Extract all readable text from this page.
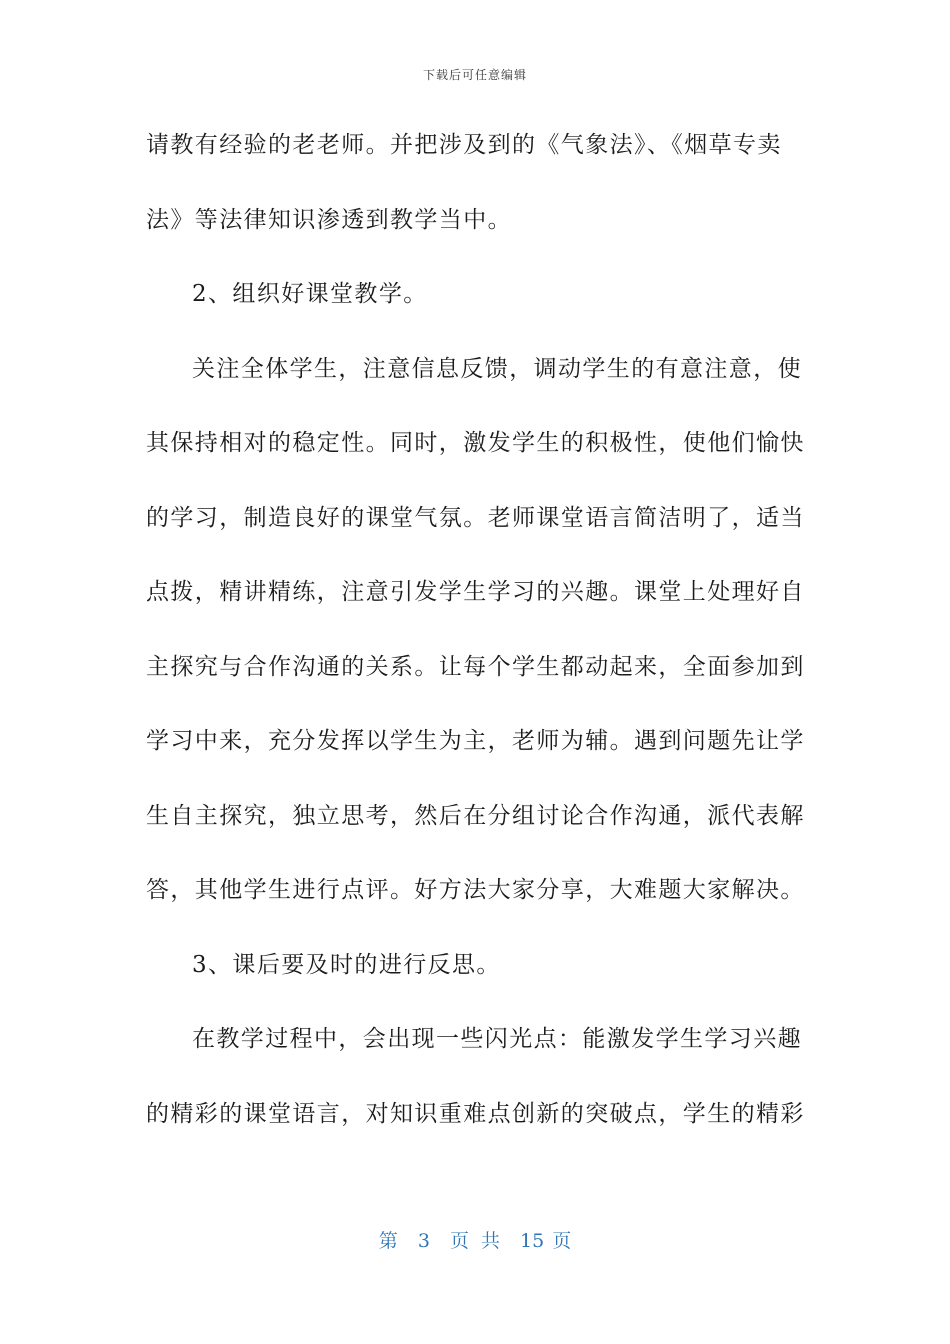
下载后可任意编辑
请教有经验的老老师。并把涉及到的《气象法》、《烟草专卖
法》等法律知识渗透到教学当中。
2、组织好课堂教学。
关注全体学生，注意信息反馈，调动学生的有意注意，使
其保持相对的稳定性。同时，激发学生的积极性，使他们愉快
的学习，制造良好的课堂气氛。老师课堂语言简洁明了，适当
点拨，精讲精练，注意引发学生学习的兴趣。课堂上处理好自
主探究与合作沟通的关系。让每个学生都动起来，全面参加到
学习中来，充分发挥以学生为主，老师为辅。遇到问题先让学
生自主探究，独立思考，然后在分组讨论合作沟通，派代表解
答，其他学生进行点评。好方法大家分享，大难题大家解决。
3、课后要及时的进行反思。
在教学过程中，会出现一些闪光点：能激发学生学习兴趣
的精彩的课堂语言，对知识重难点创新的突破点，学生的精彩
第 3 页 共 15 页
